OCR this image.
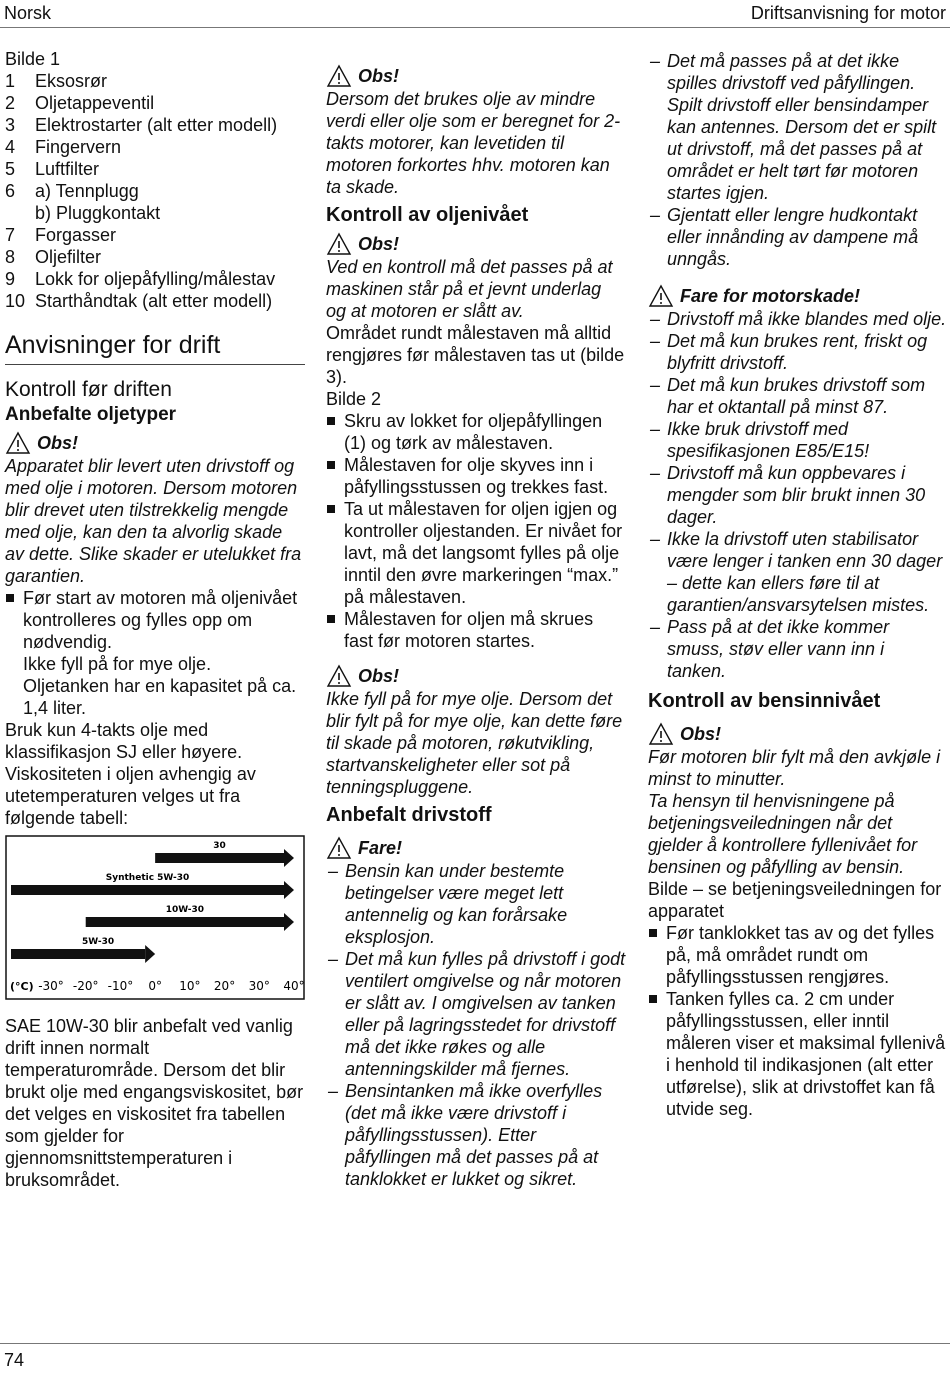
Norsk	Driftsanvisning for motor

Bilde 1

1	Eksosrør
2	Oljetappeventil
3	Elektrostarter (alt etter modell)
4	Fingervern
5	Luftfilter
6	a) Tennplugg
b) Pluggkontakt
7	Forgasser
8	Oljefilter
9	Lokk for oljepåfylling/målestav
10 Starthåndtak (alt etter modell)
Anvisninger for drift
Kontroll før driften
Anbefalte oljetyper
Obs!

Apparatet blir levert uten drivstoff og med olje i motoren. Dersom motoren blir drevet uten tilstrekkelig mengde med olje, kan den ta alvorlig skade av dette. Slike skader er utelukket fra garantien.

Før start av motoren må oljenivået kontrolleres og fylles opp om nødvendig.

Ikke fyll på for mye olje.

Oljetanken har en kapasitet på ca. 1,4 liter.

Bruk kun 4-takts olje med klassifikasjon SJ eller høyere. Viskositeten i oljen avhengig av utetemperaturen velges ut fra følgende tabell:

30
Synthetic 5W-30
10W-30
5W-30
(°C) -30° -20° -10° 0° 10° 20° 30° 40°

SAE 10W-30 blir anbefalt ved vanlig drift innen normalt temperaturområde. Dersom det blir brukt olje med engangsviskositet, bør det velges en viskositet fra tabellen som gjelder for gjennomsnittstemperaturen i bruksområdet.

Obs!

Dersom det brukes olje av mindre verdi eller olje som er beregnet for 2-takts motorer, kan levetiden til motoren forkortes hhv. motoren kan ta skade.

Kontroll av oljenivået
Obs!

Ved en kontroll må det passes på at maskinen står på et jevnt underlag og at motoren er slått av.

Området rundt målestaven må alltid rengjøres før målestaven tas ut (bilde 3).

Bilde 2

Skru av lokket for oljepåfyllingen (1) og tørk av målestaven.
Målestaven for olje skyves inn i påfyllingsstussen og trekkes fast.
Ta ut målestaven for oljen igjen og kontroller oljestanden. Er nivået for lavt, må det langsomt fylles på olje inntil den øvre markeringen “max.” på målestaven.
Målestaven for oljen må skrues fast før motoren startes.
Obs!

Ikke fyll på for mye olje. Dersom det blir fylt på for mye olje, kan dette føre til skade på motoren, røkutvikling, startvanskeligheter eller sot på tenningspluggene.

Anbefalt drivstoff
Fare!
– Bensin kan under bestemte betingelser være meget lett antennelig og kan forårsake eksplosjon.
– Det må kun fylles på drivstoff i godt ventilert omgivelse og når motoren er slått av. I omgivelsen av tanken eller på lagringsstedet for drivstoff må det ikke røkes og alle antenningskilder må fjernes.
– Bensintanken må ikke overfylles (det må ikke være drivstoff i påfyllingsstussen). Etter påfyllingen må det passes på at tanklokket er lukket og sikret.
– Det må passes på at det ikke spilles drivstoff ved påfyllingen. Spilt drivstoff eller bensindamper kan antennes. Dersom det er spilt ut drivstoff, må det passes på at området er helt tørt før motoren startes igjen.
– Gjentatt eller lengre hudkontakt eller innånding av dampene må unngås.
Fare for motorskade!
– Drivstoff må ikke blandes med olje.
– Det må kun brukes rent, friskt og blyfritt drivstoff.
– Det må kun brukes drivstoff som har et oktantall på minst 87.
– Ikke bruk drivstoff med spesifikasjonen E85/E15!
– Drivstoff må kun oppbevares i mengder som blir brukt innen 30 dager.
– Ikke la drivstoff uten stabilisator være lenger i tanken enn 30 dager – dette kan ellers føre til at garantien/ansvarsytelsen mistes.
– Pass på at det ikke kommer smuss, støv eller vann inn i tanken.
Kontroll av bensinnivået
Obs!

Før motoren blir fylt må den avkjøle i minst to minutter.

Ta hensyn til henvisningene på betjeningsveiledningen når det gjelder å kontrollere fyllenivået for bensinen og påfylling av bensin.

Bilde – se betjeningsveiledningen for apparatet

Før tanklokket tas av og det fylles på, må området rundt om påfyllingsstussen rengjøres.
Tanken fylles ca. 2 cm under påfyllingsstussen, eller inntil måleren viser et maksimal fyllenivå i henhold til indikasjonen (alt etter utførelse), slik at drivstoffet kan få utvide seg.
74
